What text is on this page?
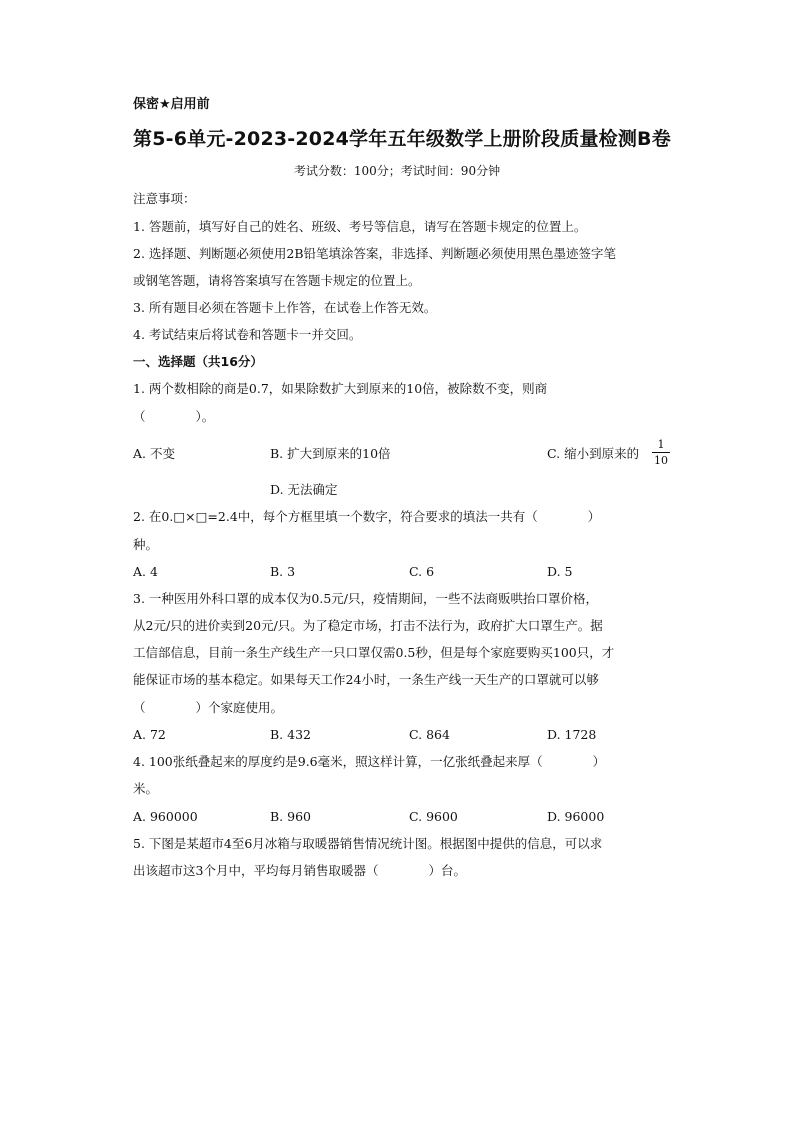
保密★启用前
第5-6单元-2023-2024学年五年级数学上册阶段质量检测B卷
考试分数：100分；考试时间：90分钟
注意事项：
1. 答题前，填写好自己的姓名、班级、考号等信息，请写在答题卡规定的位置上。
2. 选择题、判断题必须使用2B铅笔填涂答案，非选择、判断题必须使用黑色墨迹签字笔
或钢笔答题，请将答案填写在答题卡规定的位置上。
3. 所有题目必须在答题卡上作答，在试卷上作答无效。
4. 考试结束后将试卷和答题卡一并交回。
一、选择题（共16分）
1. 两个数相除的商是0.7，如果除数扩大到原来的10倍，被除数不变，则商
（　　　　）。
A. 不变	B. 扩大到原来的10倍	C. 缩小到原来的
1
10
D. 无法确定
2. 在0.□×□=2.4中，每个方框里填一个数字，符合要求的填法一共有（　　　　）
种。
A. 4	B. 3	C. 6	D. 5
3. 一种医用外科口罩的成本仅为0.5元/只，疫情期间，一些不法商贩哄抬口罩价格，
从2元/只的进价卖到20元/只。为了稳定市场，打击不法行为，政府扩大口罩生产。据
工信部信息，目前一条生产线生产一只口罩仅需0.5秒，但是每个家庭要购买100只，才
能保证市场的基本稳定。如果每天工作24小时，一条生产线一天生产的口罩就可以够
（　　　　）个家庭使用。
A. 72	B. 432	C. 864	D. 1728
4. 100张纸叠起来的厚度约是9.6毫米，照这样计算，一亿张纸叠起来厚（　　　　）
米。
A. 960000	B. 960	C. 9600	D. 96000
5. 下图是某超市4至6月冰箱与取暖器销售情况统计图。根据图中提供的信息，可以求
出该超市这3个月中，平均每月销售取暖器（　　　　）台。
